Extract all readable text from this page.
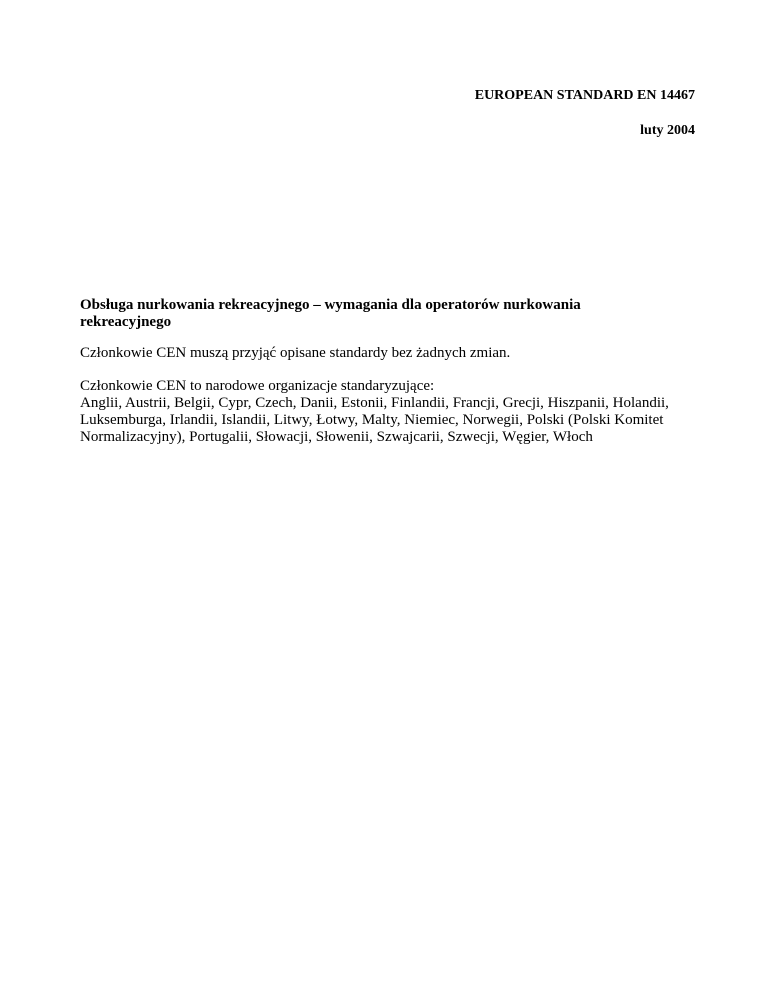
EUROPEAN STANDARD EN 14467

luty 2004

Obsługa nurkowania rekreacyjnego – wymagania dla operatorów nurkowania rekreacyjnego

Członkowie CEN muszą przyjąć opisane standardy bez żadnych zmian.

Członkowie CEN to narodowe organizacje standaryzujące:

Anglii, Austrii, Belgii, Cypr, Czech, Danii, Estonii, Finlandii, Francji, Grecji, Hiszpanii, Holandii, Luksemburga, Irlandii, Islandii, Litwy, Łotwy, Malty, Niemiec, Norwegii, Polski (Polski Komitet Normalizacyjny), Portugalii, Słowacji, Słowenii, Szwajcarii, Szwecji, Węgier, Włoch
